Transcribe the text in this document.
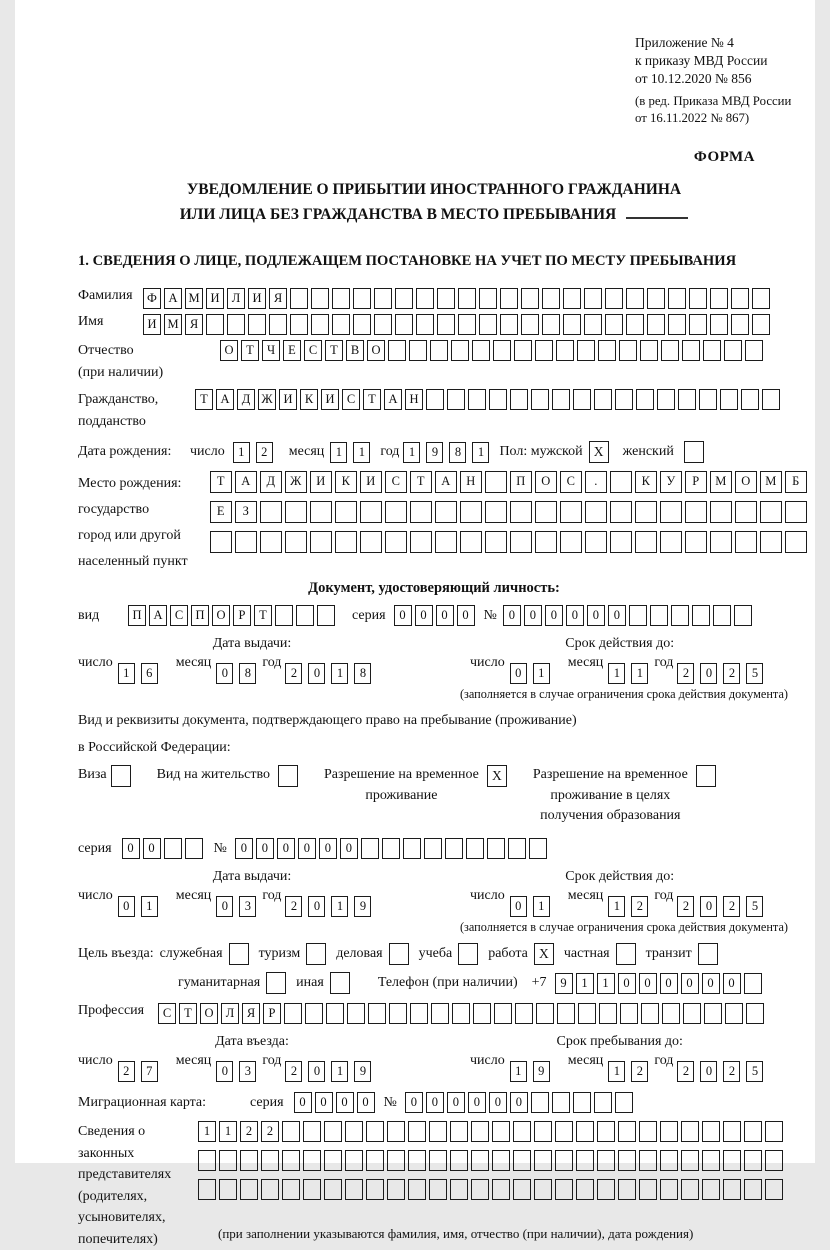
Приложение № 4
к приказу МВД России
от 10.12.2020 № 856
(в ред. Приказа МВД России
от 16.11.2022 № 867)
ФОРМА
УВЕДОМЛЕНИЕ О ПРИБЫТИИ ИНОСТРАННОГО ГРАЖДАНИНА
ИЛИ ЛИЦА БЕЗ ГРАЖДАНСТВА В МЕСТО ПРЕБЫВАНИЯ
1. СВЕДЕНИЯ О ЛИЦЕ, ПОДЛЕЖАЩЕМ ПОСТАНОВКЕ НА УЧЕТ ПО МЕСТУ ПРЕБЫВАНИЯ
Фамилия	Ф А М И Л И Я
Имя	И М Я
Отчество
(при наличии)
О Т Ч Е С Т В О
Гражданство,
подданство
Т А Д Ж И К И С Т А Н
Дата рождения:	число	1 2	месяц 1 1	год 1 9 8 1	Пол: мужской X	женский
Место рождения:
государство
город или другой
населенный пункт
Т А Д Ж И К И С Т А Н	П О С .	К У Р М О М Б
Е З
Документ, удостоверяющий личность:
вид	П А С П О Р Т	серия	0 0 0 0	№ 0 0 0 0 0 0
Дата выдачи:
число1 6месяц0 8год2 0 1 8
Срок действия до:
число0 1месяц1 1год2 0 2 5
(заполняется в случае ограничения срока действия документа)
Вид и реквизиты документа, подтверждающего право на пребывание (проживание)
в Российской Федерации:
Виза	Вид на жительство	Разрешение на временное
проживание
X	Разрешение на временное
проживание в целях
получения образования
серия	0 0	№	0 0 0 0 0 0
Дата выдачи:
число0 1месяц0 3год2 0 1 9
Срок действия до:
число0 1месяц1 2год2 0 2 5
(заполняется в случае ограничения срока действия документа)
Цель въезда: служебная	туризм	деловая	учеба	работа X	частная	транзит
гуманитарная	иная	Телефон (при наличии) +7	9 1 1 0 0 0 0 0 0
Профессия	С Т О Л Я Р
Дата въезда:
число2 7месяц0 3год2 0 1 9
Срок пребывания до:
число1 9месяц1 2год2 0 2 5
Миграционная карта:	серия	0 0 0 0	№	0 0 0 0 0 0
Сведения о
законных
представителях
(родителях,
усыновителях,
попечителях)
1 1 2 2
(при заполнении указываются фамилия, имя, отчество (при наличии), дата рождения)
